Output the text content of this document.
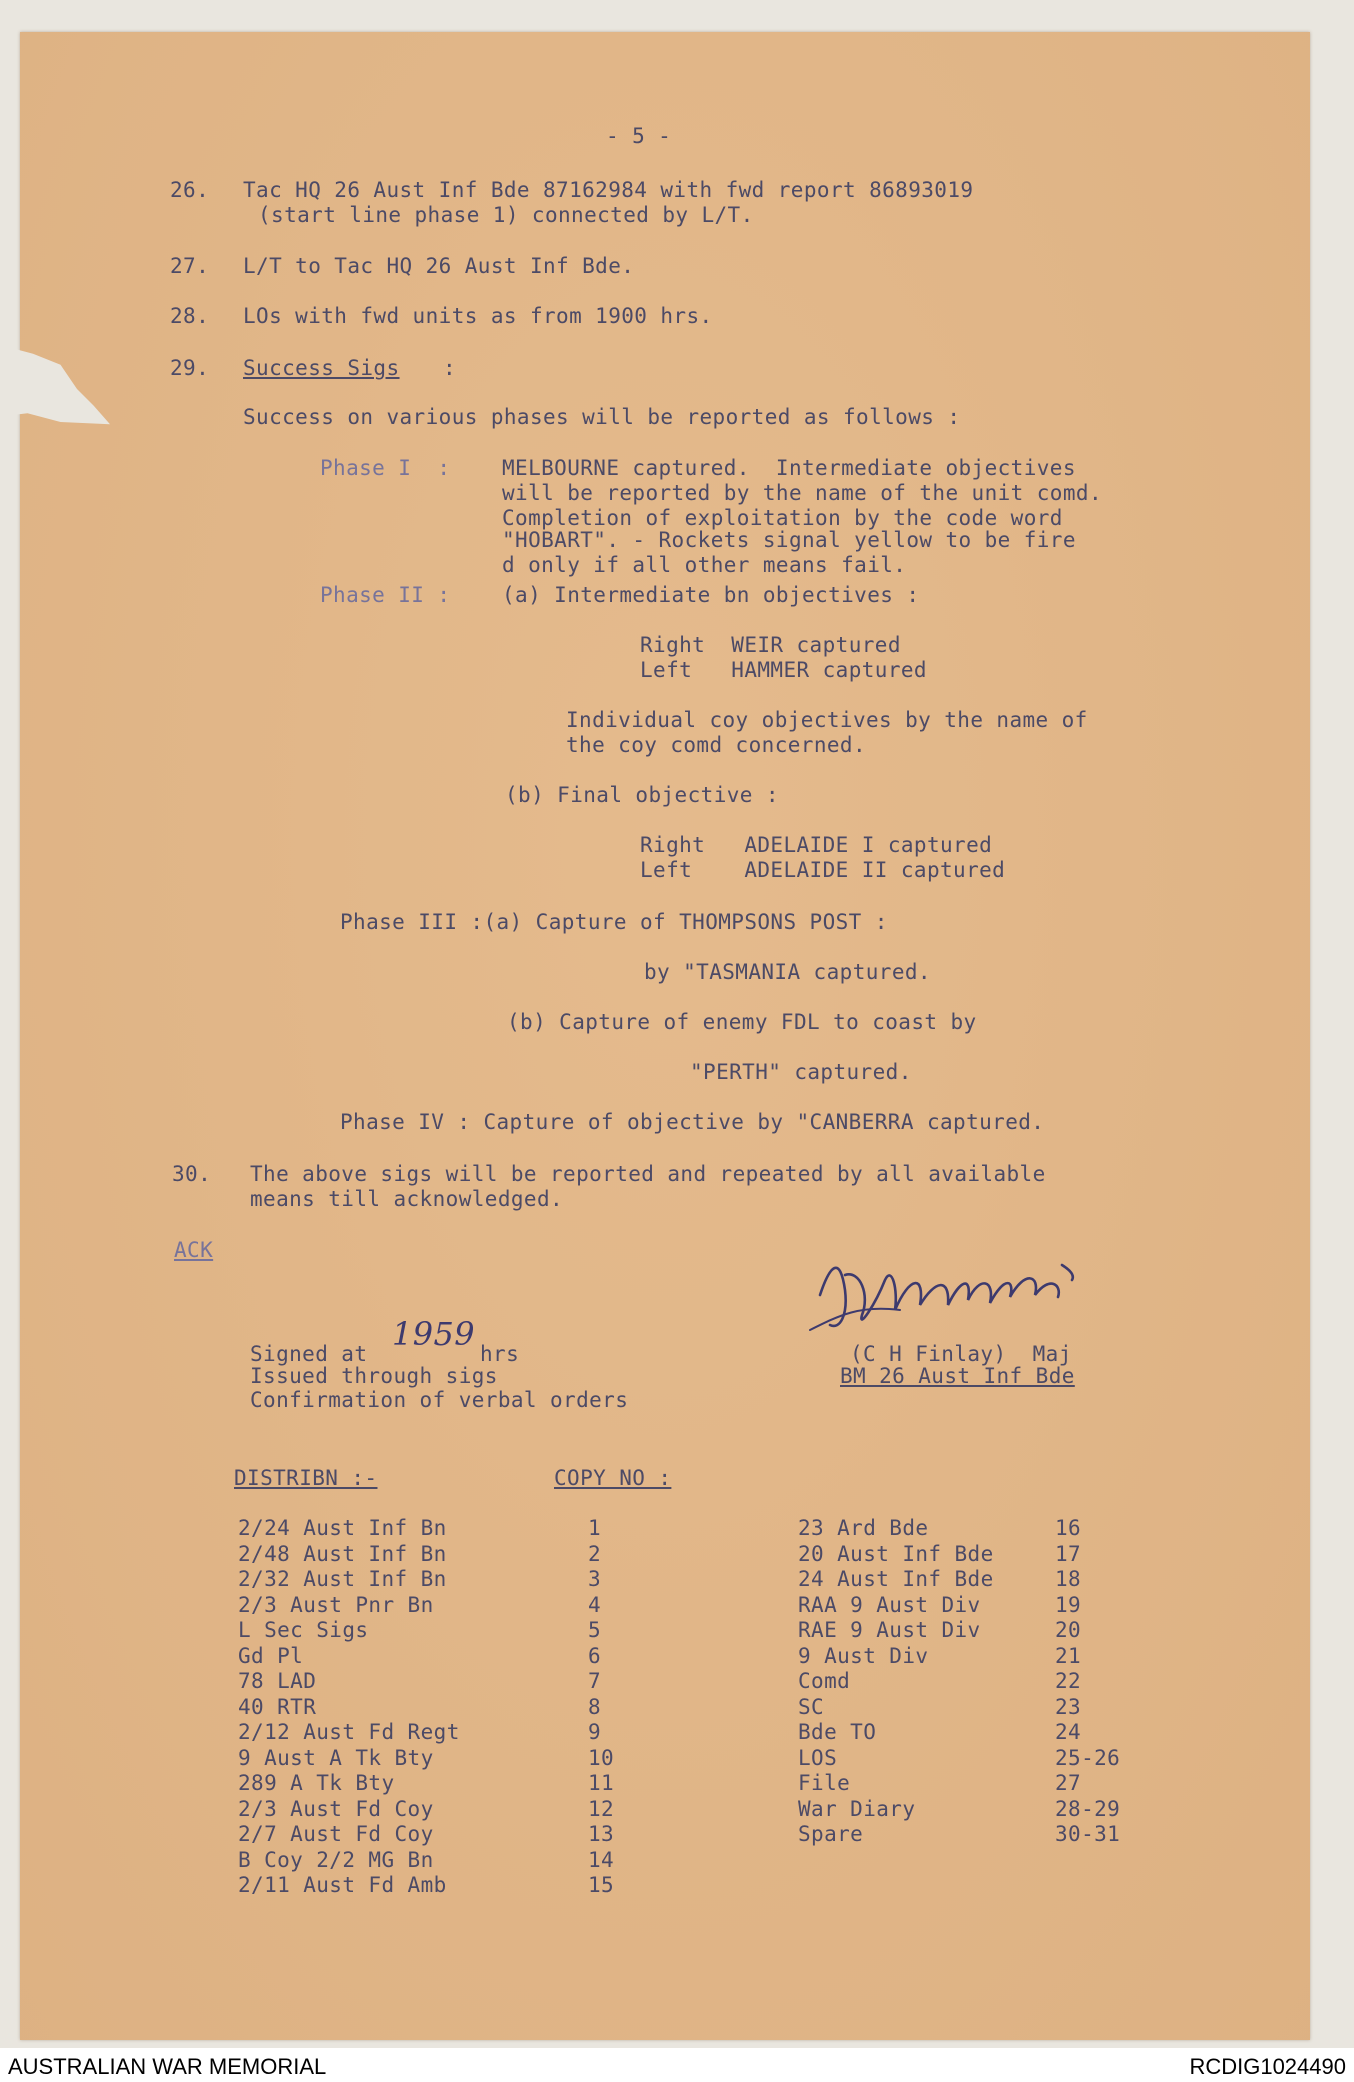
- 5 -
26. Tac HQ 26 Aust Inf Bde 87162984 with fwd report 86893019
(start line phase 1) connected by L/T.
27. L/T to Tac HQ 26 Aust Inf Bde.
28. LOs with fwd units as from 1900 hrs.
29. Success Sigs :
Success on various phases will be reported as follows :
Phase I  : MELBOURNE captured.  Intermediate objectives
will be reported by the name of the unit comd.
Completion of exploitation by the code word
"HOBART". - Rockets signal yellow to be fire
d only if all other means fail.
Phase II : (a) Intermediate bn objectives :
Right  WEIR captured
Left   HAMMER captured
Individual coy objectives by the name of
the coy comd concerned.
(b) Final objective :
Right   ADELAIDE I captured
Left    ADELAIDE II captured
Phase III :(a) Capture of THOMPSONS POST :
by "TASMANIA captured.
(b) Capture of enemy FDL to coast by
"PERTH" captured.
Phase IV : Capture of objective by "CANBERRA captured.
30. The above sigs will be reported and repeated by all available
means till acknowledged.
ACK
Signed at
1959
hrs
Issued through sigs
Confirmation of verbal orders
(C H Finlay)  Maj
BM 26 Aust Inf Bde
DISTRIBN :-	COPY NO :
2/24 Aust Inf Bn	1
2/48 Aust Inf Bn	2
2/32 Aust Inf Bn	3
2/3 Aust Pnr Bn	4
L Sec Sigs	5
Gd Pl	6
78 LAD	7
40 RTR	8
2/12 Aust Fd Regt	9
9 Aust A Tk Bty	10
289 A Tk Bty	11
2/3 Aust Fd Coy	12
2/7 Aust Fd Coy	13
B Coy 2/2 MG Bn	14
2/11 Aust Fd Amb	15
23 Ard Bde	16
20 Aust Inf Bde	17
24 Aust Inf Bde	18
RAA 9 Aust Div	19
RAE 9 Aust Div	20
9 Aust Div	21
Comd	22
SC	23
Bde TO	24
LOS	25-26
File	27
War Diary	28-29
Spare	30-31
AUSTRALIAN WAR MEMORIAL	RCDIG1024490
